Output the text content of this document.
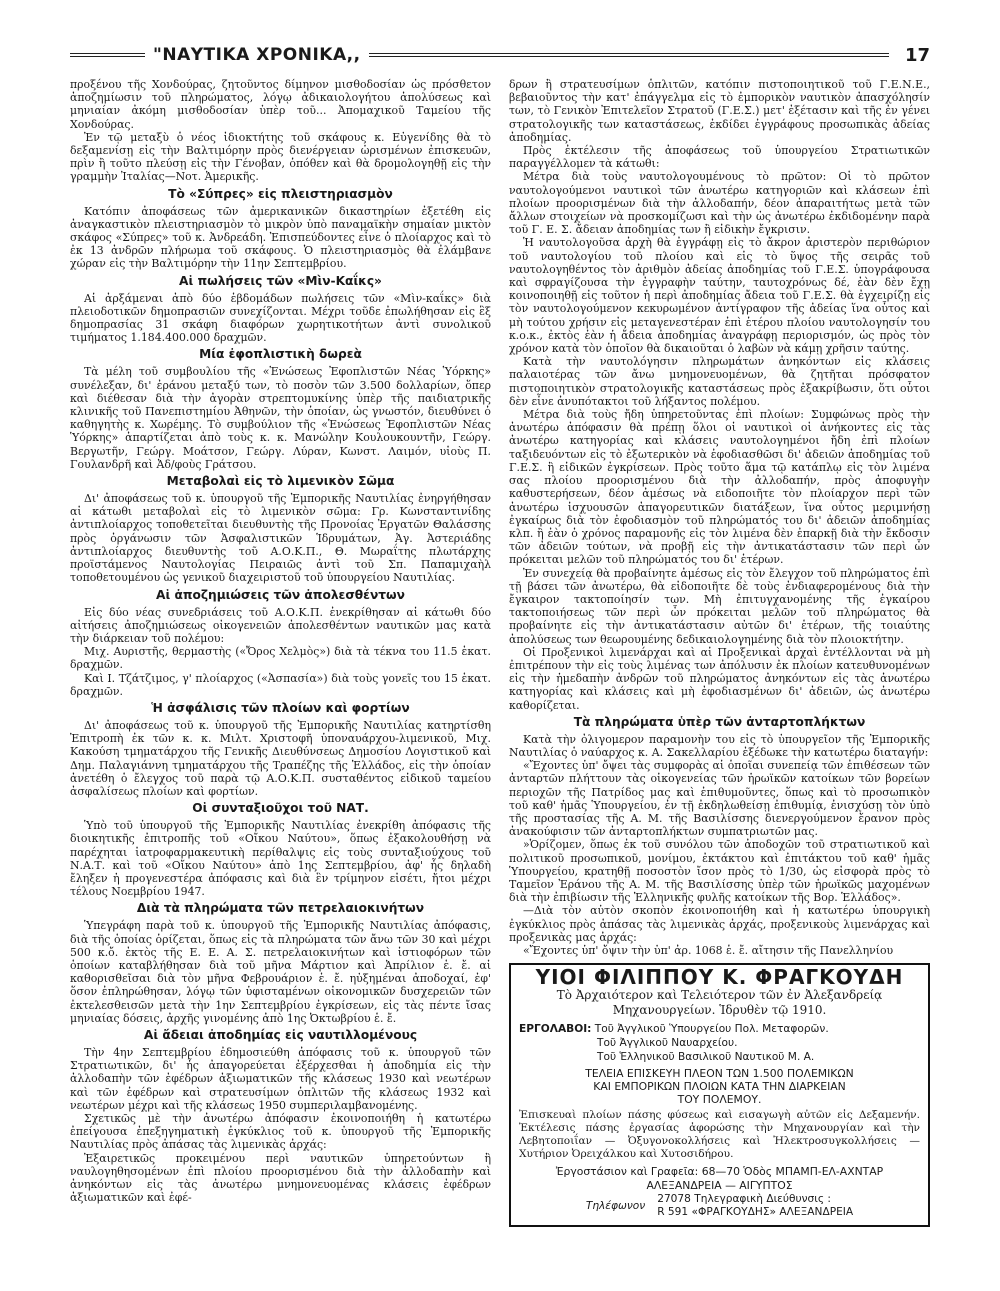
"ΝΑΥΤΙΚΑ ΧΡΟΝΙΚΑ,,	17

προξένου τῆς Χονδούρας, ζητοῦντος δίμηνον μισθοδοσίαν ὡς πρόσθετον ἀποζημίωσιν τοῦ πληρώματος, λόγῳ ἀδικαιολογήτου ἀπολύσεως καὶ μηνιαίαν ἀκόμη μισθοδοσίαν ὑπὲρ τοῦ... Ἀπομαχικοῦ Ταμείου τῆς Χονδούρας.

Ἐν τῷ μεταξὺ ὁ νέος ἰδιοκτήτης τοῦ σκάφους κ. Εὐγενίδης θὰ τὸ δεξαμενίσῃ εἰς τὴν Βαλτιμόρην πρὸς διενέργειαν ὡρισμένων ἐπισκευῶν, πρὶν ἢ τοῦτο πλεύσῃ εἰς τὴν Γένοβαν, ὁπόθεν καὶ θὰ δρομολογηθῇ εἰς τὴν γραμμὴν Ἰταλίας—Νοτ. Ἀμερικῆς.

Τὸ «Σύπρες» εἰς πλειστηριασμὸν

Κατόπιν ἀποφάσεως τῶν ἀμερικανικῶν δικαστηρίων ἐξετέθη εἰς ἀναγκαστικὸν πλειστηριασμὸν τὸ μικρὸν ὑπὸ παναμαϊκὴν σημαίαν μικτὸν σκάφος «Σύπρες» τοῦ κ. Ἀνδρεάδη. Ἐπισπεύδοντες εἶνε ὁ πλοίαρχος καὶ τὸ ἐκ 13 ἀνδρῶν πλήρωμα τοῦ σκάφους. Ὁ πλειστηριασμὸς θὰ ἐλάμβανε χώραν εἰς τὴν Βαλτιμόρην τὴν 11ην Σεπτεμβρίου.

Αἱ πωλήσεις τῶν «Μὶν-Καΐκς»

Αἱ ἀρξάμεναι ἀπὸ δύο ἑβδομάδων πωλήσεις τῶν «Μὶν-καΐκς» διὰ πλειοδοτικῶν δημοπρασιῶν συνεχίζονται. Μέχρι τοῦδε ἐπωλήθησαν εἰς ἓξ δημοπρασίας 31 σκάφη διαφόρων χωρητικοτήτων ἀντὶ συνολικοῦ τιμήματος 1.184.400.000 δραχμῶν.

Μία ἐφοπλιστικὴ δωρεὰ

Τὰ μέλη τοῦ συμβουλίου τῆς «Ἑνώσεως Ἐφοπλιστῶν Νέας Ὑόρκης» συνέλεξαν, δι' ἐράνου μεταξύ των, τὸ ποσὸν τῶν 3.500 δολλαρίων, ὅπερ καὶ διέθεσαν διὰ τὴν ἀγορὰν στρεπτομυκίνης ὑπὲρ τῆς παιδιατρικῆς κλινικῆς τοῦ Πανεπιστημίου Ἀθηνῶν, τὴν ὁποίαν, ὡς γνωστόν, διευθύνει ὁ καθηγητὴς κ. Χωρέμης. Τὸ συμβούλιον τῆς «Ἑνώσεως Ἐφοπλιστῶν Νέας Ὑόρκης» ἀπαρτίζεται ἀπὸ τοὺς κ. κ. Μανώλην Κουλουκουντῆν, Γεώργ. Βεργωτῆν, Γεώργ. Μοάτσον, Γεώργ. Λύραν, Κωνστ. Λαιμόν, υἱοὺς Π. Γουλανδρῆ καὶ Ἀδ/φοὺς Γράτσου.

Μεταβολαὶ εἰς τὸ λιμενικὸν Σῶμα

Δι' ἀποφάσεως τοῦ κ. ὑπουργοῦ τῆς Ἐμπορικῆς Ναυτιλίας ἐνηργήθησαν αἱ κάτωθι μεταβολαὶ εἰς τὸ λιμενικὸν σῶμα: Γρ. Κωνσταντινίδης ἀντιπλοίαρχος τοποθετεῖται διευθυντὴς τῆς Προνοίας Ἐργατῶν Θαλάσσης πρὸς ὀργάνωσιν τῶν Ἀσφαλιστικῶν Ἱδρυμάτων, Ἀγ. Ἀστεριάδης ἀντιπλοίαρχος διευθυντὴς τοῦ Α.Ο.Κ.Π., Θ. Μωραΐτης πλωτάρχης προϊστάμενος Ναυτολογίας Πειραιῶς ἀντὶ τοῦ Σπ. Παπαμιχαὴλ τοποθετουμένου ὡς γενικοῦ διαχειριστοῦ τοῦ ὑπουργείου Ναυτιλίας.

Αἱ ἀποζημιώσεις τῶν ἀπολεσθέντων

Εἰς δύο νέας συνεδριάσεις τοῦ Α.Ο.Κ.Π. ἐνεκρίθησαν αἱ κάτωθι δύο αἰτήσεις ἀποζημιώσεως οἰκογενειῶν ἀπολεσθέντων ναυτικῶν μας κατὰ τὴν διάρκειαν τοῦ πολέμου:

Μιχ. Αυριστῆς, θερμαστὴς («Ὄρος Χελμὸς») διὰ τὰ τέκνα του 11.5 ἑκατ. δραχμῶν.

Καὶ Ι. Τζάτζιμος, γ' πλοίαρχος («Ἀσπασία») διὰ τοὺς γονεῖς του 15 ἑκατ. δραχμῶν.

Ἡ ἀσφάλισις τῶν πλοίων καὶ φορτίων

Δι' ἀποφάσεως τοῦ κ. ὑπουργοῦ τῆς Ἐμπορικῆς Ναυτιλίας κατηρτίσθη Ἐπιτροπὴ ἐκ τῶν κ. κ. Μιλτ. Χριστοφῆ ὑποναυάρχου-λιμενικοῦ, Μιχ. Κακούση τμηματάρχου τῆς Γενικῆς Διευθύνσεως Δημοσίου Λογιστικοῦ καὶ Δημ. Παλαγιάννη τμηματάρχου τῆς Τραπέζης τῆς Ἑλλάδος, εἰς τὴν ὁποίαν ἀνετέθη ὁ ἔλεγχος τοῦ παρὰ τῷ Α.Ο.Κ.Π. συσταθέντος εἰδικοῦ ταμείου ἀσφαλίσεως πλοίων καὶ φορτίων.

Οἱ συνταξιοῦχοι τοῦ ΝΑΤ.

Ὑπὸ τοῦ ὑπουργοῦ τῆς Ἐμπορικῆς Ναυτιλίας ἐνεκρίθη ἀπόφασις τῆς διοικητικῆς ἐπιτροπῆς τοῦ «Οἴκου Ναύτου», ὅπως ἐξακολουθήσῃ νὰ παρέχηται ἰατροφαρμακευτικὴ περίθαλψις εἰς τοὺς συνταξιούχους τοῦ Ν.Α.Τ. καὶ τοῦ «Οἴκου Ναύτου» ἀπὸ 1ης Σεπτεμβρίου, ἀφ' ἧς δηλαδὴ ἔληξεν ἡ προγενεστέρα ἀπόφασις καὶ διὰ ἓν τρίμηνον εἰσέτι, ἤτοι μέχρι τέλους Νοεμβρίου 1947.

Διὰ τὰ πληρώματα τῶν πετρελαιοκινήτων

Ὑπεγράφη παρὰ τοῦ κ. ὑπουργοῦ τῆς Ἐμπορικῆς Ναυτιλίας ἀπόφασις, διὰ τῆς ὁποίας ὁρίζεται, ὅπως εἰς τὰ πληρώματα τῶν ἄνω τῶν 30 καὶ μέχρι 500 κ.ὄ. ἐκτὸς τῆς Ε. Ε. Α. Σ. πετρελαιοκινήτων καὶ ἱστιοφόρων τῶν ὁποίων καταβλήθησαν διὰ τοῦ μῆνα Μάρτιον καὶ Ἀπρίλιον ἑ. ἔ. αἱ καθορισθεῖσαι διὰ τὸν μῆνα Φεβρουάριον ἑ. ἔ. ηὐξημέναι ἀποδοχαί, ἐφ' ὅσον ἐπληρώθησαν, λόγῳ τῶν ὑφισταμένων οἰκονομικῶν δυσχερειῶν τῶν ἐκτελεσθεισῶν μετὰ τὴν 1ην Σεπτεμβρίου ἐγκρίσεων, εἰς τὰς πέντε ἴσας μηνιαίας δόσεις, ἀρχῆς γινομένης ἀπὸ 1ης Ὀκτωβρίου ἑ. ἔ.

Αἱ ἄδειαι ἀποδημίας εἰς ναυτιλλομένους

Τὴν 4ην Σεπτεμβρίου ἐδημοσιεύθη ἀπόφασις τοῦ κ. ὑπουργοῦ τῶν Στρατιωτικῶν, δι' ἧς ἀπαγορεύεται ἐξέρχεσθαι ἡ ἀποδημία εἰς τὴν ἀλλοδαπὴν τῶν ἐφέδρων ἀξιωματικῶν τῆς κλάσεως 1930 καὶ νεωτέρων καὶ τῶν ἐφέδρων καὶ στρατευσίμων ὁπλιτῶν τῆς κλάσεως 1932 καὶ νεωτέρων μέχρι καὶ τῆς κλάσεως 1950 συμπεριλαμβανομένης.

Σχετικῶς μὲ τὴν ἀνωτέρω ἀπόφασιν ἐκοινοποιήθη ἡ κατωτέρω ἐπείγουσα ἐπεξηγηματικὴ ἐγκύκλιος τοῦ κ. ὑπουργοῦ τῆς Ἐμπορικῆς Ναυτιλίας πρὸς ἁπάσας τὰς λιμενικὰς ἀρχάς:

Ἐξαιρετικῶς προκειμένου περὶ ναυτικῶν ὑπηρετούντων ἢ ναυλογηθησομένων ἐπὶ πλοίου προορισμένου διὰ τὴν ἀλλοδαπὴν καὶ ἀνηκόντων εἰς τὰς ἀνωτέρω μνημονευομένας κλάσεις ἐφέδρων ἀξιωματικῶν καὶ ἐφέ-

δρων ἢ στρατευσίμων ὁπλιτῶν, κατόπιν πιστοποιητικοῦ τοῦ Γ.Ε.Ν.Ε., βεβαιοῦντος τὴν κατ' ἐπάγγελμα εἰς τὸ ἐμπορικὸν ναυτικὸν ἀπασχόλησίν των, τὸ Γενικὸν Ἐπιτελεῖον Στρατοῦ (Γ.Ε.Σ.) μετ' ἐξέτασιν καὶ τῆς ἐν γένει στρατολογικῆς των καταστάσεως, ἐκδίδει ἐγγράφους προσωπικὰς ἀδείας ἀποδημίας.

Πρὸς ἐκτέλεσιν τῆς ἀποφάσεως τοῦ ὑπουργείου Στρατιωτικῶν παραγγέλλομεν τὰ κάτωθι:

Μέτρα διὰ τοὺς ναυτολογουμένους τὸ πρῶτον: Οἱ τὸ πρῶτον ναυτολογούμενοι ναυτικοὶ τῶν ἀνωτέρω κατηγοριῶν καὶ κλάσεων ἐπὶ πλοίων προορισμένων διὰ τὴν ἀλλοδαπήν, δέον ἀπαραιτήτως μετὰ τῶν ἄλλων στοιχείων νὰ προσκομίζωσι καὶ τὴν ὡς ἀνωτέρω ἐκδιδομένην παρὰ τοῦ Γ. Ε. Σ. ἄδειαν ἀποδημίας των ἢ εἰδικὴν ἔγκρισιν.

Ἡ ναυτολογοῦσα ἀρχὴ θὰ ἐγγράφῃ εἰς τὸ ἄκρον ἀριστερὸν περιθώριον τοῦ ναυτολογίου τοῦ πλοίου καὶ εἰς τὸ ὕψος τῆς σειρᾶς τοῦ ναυτολογηθέντος τὸν ἀριθμὸν ἀδείας ἀποδημίας τοῦ Γ.Ε.Σ. ὑπογράφουσα καὶ σφραγίζουσα τὴν ἐγγραφὴν ταύτην, ταυτοχρόνως δέ, ἐὰν δὲν ἔχῃ κοινοποιηθῇ εἰς τοῦτον ἡ περὶ ἀποδημίας ἄδεια τοῦ Γ.Ε.Σ. θὰ ἐγχειρίζῃ εἰς τὸν ναυτολογούμενον κεκυρωμένον ἀντίγραφον τῆς ἀδείας ἵνα οὗτος καὶ μὴ τούτου χρήσιν εἰς μεταγενεστέραν ἐπὶ ἑτέρου πλοίου ναυτολογησίν του κ.ο.κ., ἐκτὸς ἐὰν ἡ ἄδεια ἀποδημίας ἀναγράφῃ περιορισμόν, ὡς πρὸς τὸν χρόνον κατὰ τὸν ὁποῖον θὰ δικαιοῦται ὁ λαβὼν νὰ κάμῃ χρῆσιν ταύτης.

Κατὰ τὴν ναυτολόγησιν πληρωμάτων ἀνηκόντων εἰς κλάσεις παλαιοτέρας τῶν ἄνω μνημονευομένων, θὰ ζητῆται πρόσφατον πιστοποιητικὸν στρατολογικῆς καταστάσεως πρὸς ἐξακρίβωσιν, ὅτι οὗτοι δὲν εἶνε ἀνυπότακτοι τοῦ λήξαντος πολέμου.

Μέτρα διὰ τοὺς ἤδη ὑπηρετοῦντας ἐπὶ πλοίων: Συμφώνως πρὸς τὴν ἀνωτέρω ἀπόφασιν θὰ πρέπῃ ὅλοι οἱ ναυτικοὶ οἱ ἀνήκοντες εἰς τὰς ἀνωτέρω κατηγορίας καὶ κλάσεις ναυτολογημένοι ἤδη ἐπὶ πλοίων ταξιδευόντων εἰς τὸ ἐξωτερικὸν νὰ ἐφοδιασθῶσι δι' ἀδειῶν ἀποδημίας τοῦ Γ.Ε.Σ. ἢ εἰδικῶν ἐγκρίσεων. Πρὸς τοῦτο ἅμα τῷ κατάπλῳ εἰς τὸν λιμένα σας πλοίου προορισμένου διὰ τὴν ἀλλοδαπήν, πρὸς ἀποφυγὴν καθυστερήσεων, δέον ἀμέσως νὰ ειδοποιῆτε τὸν πλοίαρχον περὶ τῶν ἀνωτέρω ἰσχυουσῶν ἀπαγορευτικῶν διατάξεων, ἵνα οὗτος μεριμνήσῃ ἐγκαίρως διὰ τὸν ἐφοδιασμὸν τοῦ πληρώματός του δι' ἀδειῶν ἀποδημίας κλπ. ἢ ἐὰν ὁ χρόνος παραμονῆς εἰς τὸν λιμένα δὲν ἐπαρκῇ διὰ τὴν ἔκδοσιν τῶν ἀδειῶν τούτων, νὰ προβῇ εἰς τὴν ἀντικατάστασιν τῶν περὶ ὧν πρόκειται μελῶν τοῦ πληρώματός του δι' ἑτέρων.

Ἐν συνεχείᾳ θὰ προβαίνητε ἀμέσως εἰς τὸν ἔλεγχον τοῦ πληρώματος ἐπὶ τῇ βάσει τῶν ἀνωτέρω, θὰ εἰδοποιῆτε δὲ τοὺς ἐνδιαφερομένους διὰ τὴν ἔγκαιρον τακτοποίησίν των. Μὴ ἐπιτυγχανομένης τῆς ἐγκαίρου τακτοποιήσεως τῶν περὶ ὧν πρόκειται μελῶν τοῦ πληρώματος θὰ προβαίνητε εἰς τὴν ἀντικατάστασιν αὐτῶν δι' ἑτέρων, τῆς τοιαύτης ἀπολύσεως των θεωρουμένης δεδικαιολογημένης διὰ τὸν πλοιοκτήτην.

Οἱ Προξενικοὶ λιμενάρχαι καὶ αἱ Προξενικαὶ ἀρχαὶ ἐντέλλονται νὰ μὴ ἐπιτρέπουν τὴν εἰς τοὺς λιμένας των ἀπόλυσιν ἐκ πλοίων κατευθυνομένων εἰς τὴν ἡμεδαπὴν ἀνδρῶν τοῦ πληρώματος ἀνηκόντων εἰς τὰς ἀνωτέρω κατηγορίας καὶ κλάσεις καὶ μὴ ἐφοδιασμένων δι' ἀδειῶν, ὡς ἀνωτέρω καθορίζεται.

Τὰ πληρώματα ὑπὲρ τῶν ἀνταρτοπλήκτων

Κατὰ τὴν ὀλιγομερον παραμονὴν του εἰς τὸ ὑπουργεῖον τῆς Ἐμπορικῆς Ναυτιλίας ὁ ναύαρχος κ. Α. Σακελλαρίου ἐξέδωκε τὴν κατωτέρω διαταγήν:

«Ἔχοντες ὑπ' ὄψει τὰς συμφορὰς αἱ ὁποῖαι συνεπείᾳ τῶν ἐπιθέσεων τῶν ἀνταρτῶν πλήττουν τὰς οἰκογενείας τῶν ἡρωϊκῶν κατοίκων τῶν βορείων περιοχῶν τῆς Πατρίδος μας καὶ ἐπιθυμοῦντες, ὅπως καὶ τὸ προσωπικὸν τοῦ καθ' ἡμᾶς Ὑπουργείου, ἐν τῇ ἐκδηλωθείσῃ ἐπιθυμίᾳ, ἐνισχύσῃ τὸν ὑπὸ τῆς προστασίας τῆς Α. Μ. τῆς Βασιλίσσης διενεργούμενον ἔρανον πρὸς ἀνακούφισιν τῶν ἀνταρτοπλήκτων συμπατριωτῶν μας.

»Ὁρίζομεν, ὅπως ἐκ τοῦ συνόλου τῶν ἀποδοχῶν τοῦ στρατιωτικοῦ καὶ πολιτικοῦ προσωπικοῦ, μονίμου, ἐκτάκτου καὶ ἐπιτάκτου τοῦ καθ' ἡμᾶς Ὑπουργείου, κρατηθῇ ποσοστὸν ἴσον πρὸς τὸ 1/30, ὡς εἰσφορὰ πρὸς τὸ Ταμεῖον Ἐράνου τῆς Α. Μ. τῆς Βασιλίσσης ὑπὲρ τῶν ἡρωϊκῶς μαχομένων διὰ τὴν ἐπιβίωσιν τῆς Ἑλληνικῆς φυλῆς κατοίκων τῆς Βορ. Ἑλλάδος».

—Διὰ τὸν αὐτὸν σκοπὸν ἐκοινοποιήθη καὶ ἡ κατωτέρω ὑπουργικὴ ἐγκύκλιος πρὸς ἁπάσας τὰς λιμενικὰς ἀρχάς, προξενικοὺς λιμενάρχας καὶ προξενικὰς μας ἀρχάς:

«Ἔχοντες ὑπ' ὄψιν τὴν ὑπ' ἀρ. 1068 ἑ. ἔ. αἴτησιν τῆς Πανελληνίου

ΥΙΟΙ ΦΙΛΙΠΠΟΥ Κ. ΦΡΑΓΚΟΥΔΗ
Τὸ Ἀρχαιότερον καὶ Τελειότερον τῶν ἐν Ἀλεξανδρείᾳ
Μηχανουργείων. Ἱδρυθὲν τῷ 1910.
ΕΡΓΟΛΑΒΟΙ: Τοῦ Ἀγγλικοῦ Ὑπουργείου Πολ. Μεταφορῶν.
Τοῦ Ἀγγλικοῦ Ναυαρχείου.
Τοῦ Ἑλληνικοῦ Βασιλικοῦ Ναυτικοῦ Μ. Α.
ΤΕΛΕΙΑ ΕΠΙΣΚΕΥΗ ΠΛΕΟΝ ΤΩΝ 1.500 ΠΟΛΕΜΙΚΩΝ
ΚΑΙ ΕΜΠΟΡΙΚΩΝ ΠΛΟΙΩΝ ΚΑΤΑ ΤΗΝ ΔΙΑΡΚΕΙΑΝ
ΤΟΥ ΠΟΛΕΜΟΥ.
Ἐπισκευαὶ πλοίων πάσης φύσεως καὶ εισαγωγὴ αὐτῶν εἰς Δεξαμενήν. Ἐκτέλεσις πάσης ἐργασίας ἀφορώσης τὴν Μηχανουργίαν καὶ τὴν Λεβητοποιΐαν — Ὀξυγονοκολλήσεις καὶ Ἠλεκτροσυγκολλήσεις — Χυτήριον Ὀρειχάλκου καὶ Χυτοσιδήρου.
Ἐργοστάσιον καὶ Γραφεῖα: 68—70 Ὁδὸς ΜΠΑΜΠ-ΕΛ-ΑΧΝΤΑΡ
ΑΛΕΞΑΝΔΡΕΙΑ — ΑΙΓΥΠΤΟΣ
Τηλέφωνον
27078 Τηλεγραφικὴ Διεύθυνσις :
R 591 «ΦΡΑΓΚΟΥΔΗΣ» ΑΛΕΞΑΝΔΡΕΙΑ
